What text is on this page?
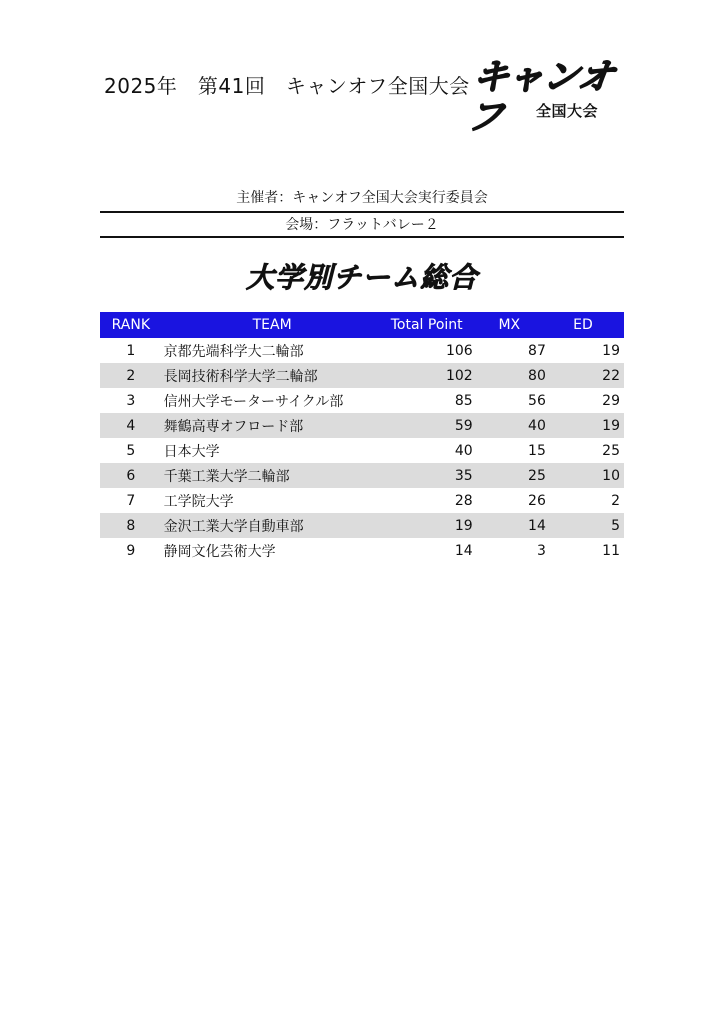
2025年　第41回　キャンオフ全国大会 キャンオフ	全国大会
主催者：キャンオフ全国大会実行委員会
会場：フラットバレー２
大学別チーム総合
RANK	TEAM	Total Point	MX	ED
1	京都先端科学大二輪部	106	87	19
2	長岡技術科学大学二輪部	102	80	22
3	信州大学モーターサイクル部	85	56	29
4	舞鶴高専オフロード部	59	40	19
5	日本大学	40	15	25
6	千葉工業大学二輪部	35	25	10
7	工学院大学	28	26	2
8	金沢工業大学自動車部	19	14	5
9	静岡文化芸術大学	14	3	11
